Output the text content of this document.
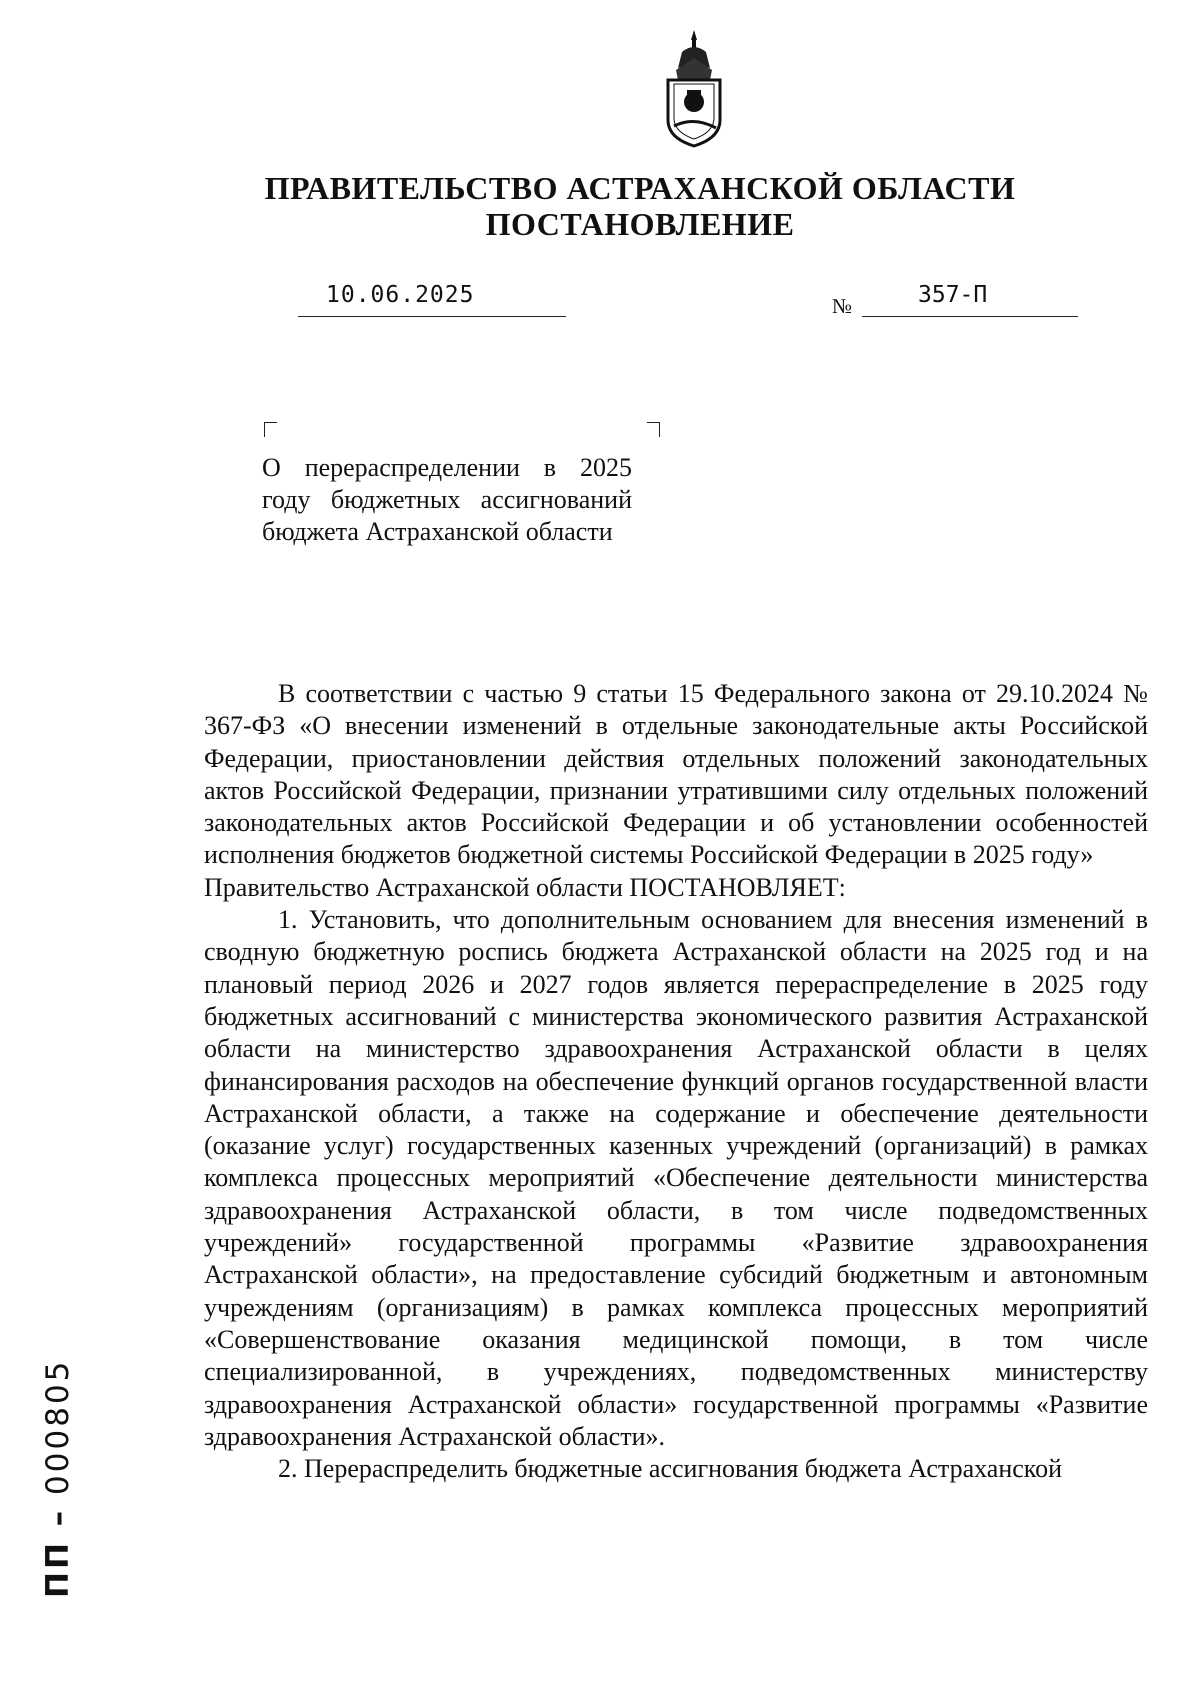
ПРАВИТЕЛЬСТВО АСТРАХАНСКОЙ ОБЛАСТИ
ПОСТАНОВЛЕНИЕ
10.06.2025	№	357-П
О перераспределении в 2025 году бюджетных ассигнований бюджета Астраханской области

В соответствии с частью 9 статьи 15 Федерального закона от 29.10.2024 № 367-ФЗ «О внесении изменений в отдельные законодательные акты Российской Федерации, приостановлении действия отдельных положений законодательных актов Российской Федерации, признании утратившими силу отдельных положений законодательных актов Российской Федерации и об установлении особенностей исполнения бюджетов бюджетной системы Российской Федерации в 2025 году»

Правительство Астраханской области ПОСТАНОВЛЯЕТ:

1. Установить, что дополнительным основанием для внесения изменений в сводную бюджетную роспись бюджета Астраханской области на 2025 год и на плановый период 2026 и 2027 годов является перераспределение в 2025 году бюджетных ассигнований с министерства экономического развития Астраханской области на министерство здравоохранения Астраханской области в целях финансирования расходов на обеспечение функций органов государственной власти Астраханской области, а также на содержание и обеспечение деятельности (оказание услуг) государственных казенных учреждений (организаций) в рамках комплекса процессных мероприятий «Обеспечение деятельности министерства здравоохранения Астраханской области, в том числе подведомственных учреждений» государственной программы «Развитие здравоохранения Астраханской области», на предоставление субсидий бюджетным и автономным учреждениям (организациям) в рамках комплекса процессных мероприятий «Совершенствование оказания медицинской помощи, в том числе специализированной, в учреждениях, подведомственных министерству здравоохранения Астраханской области» государственной программы «Развитие здравоохранения Астраханской области».

2. Перераспределить бюджетные ассигнования бюджета Астраханской

ПП – 000805
